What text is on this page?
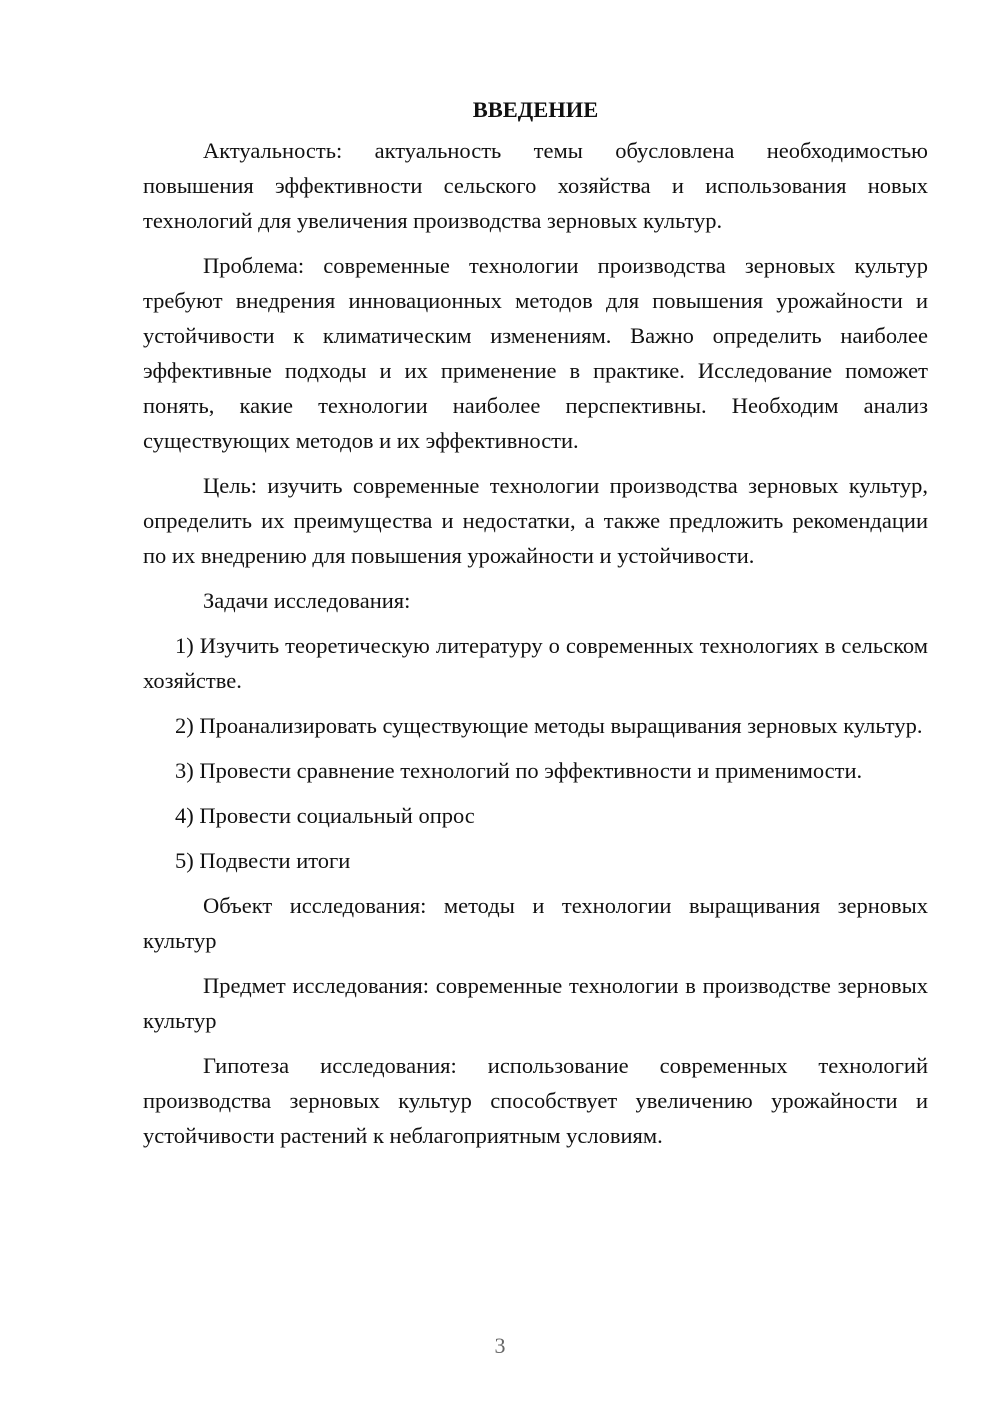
ВВЕДЕНИЕ

Актуальность: актуальность темы обусловлена необходимостью повышения эффективности сельского хозяйства и использования новых технологий для увеличения производства зерновых культур.

Проблема: современные технологии производства зерновых культур требуют внедрения инновационных методов для повышения урожайности и устойчивости к климатическим изменениям. Важно определить наиболее эффективные подходы и их применение в практике. Исследование поможет понять, какие технологии наиболее перспективны. Необходим анализ существующих методов и их эффективности.

Цель: изучить современные технологии производства зерновых культур, определить их преимущества и недостатки, а также предложить рекомендации по их внедрению для повышения урожайности и устойчивости.

Задачи исследования:

1) Изучить теоретическую литературу о современных технологиях в сельском хозяйстве.

2) Проанализировать существующие методы выращивания зерновых культур.

3) Провести сравнение технологий по эффективности и применимости.

4) Провести социальный опрос

5) Подвести итоги

Объект исследования: методы и технологии выращивания зерновых культур

Предмет исследования: современные технологии в производстве зерновых культур

Гипотеза исследования: использование современных технологий производства зерновых культур способствует увеличению урожайности и устойчивости растений к неблагоприятным условиям.

3
